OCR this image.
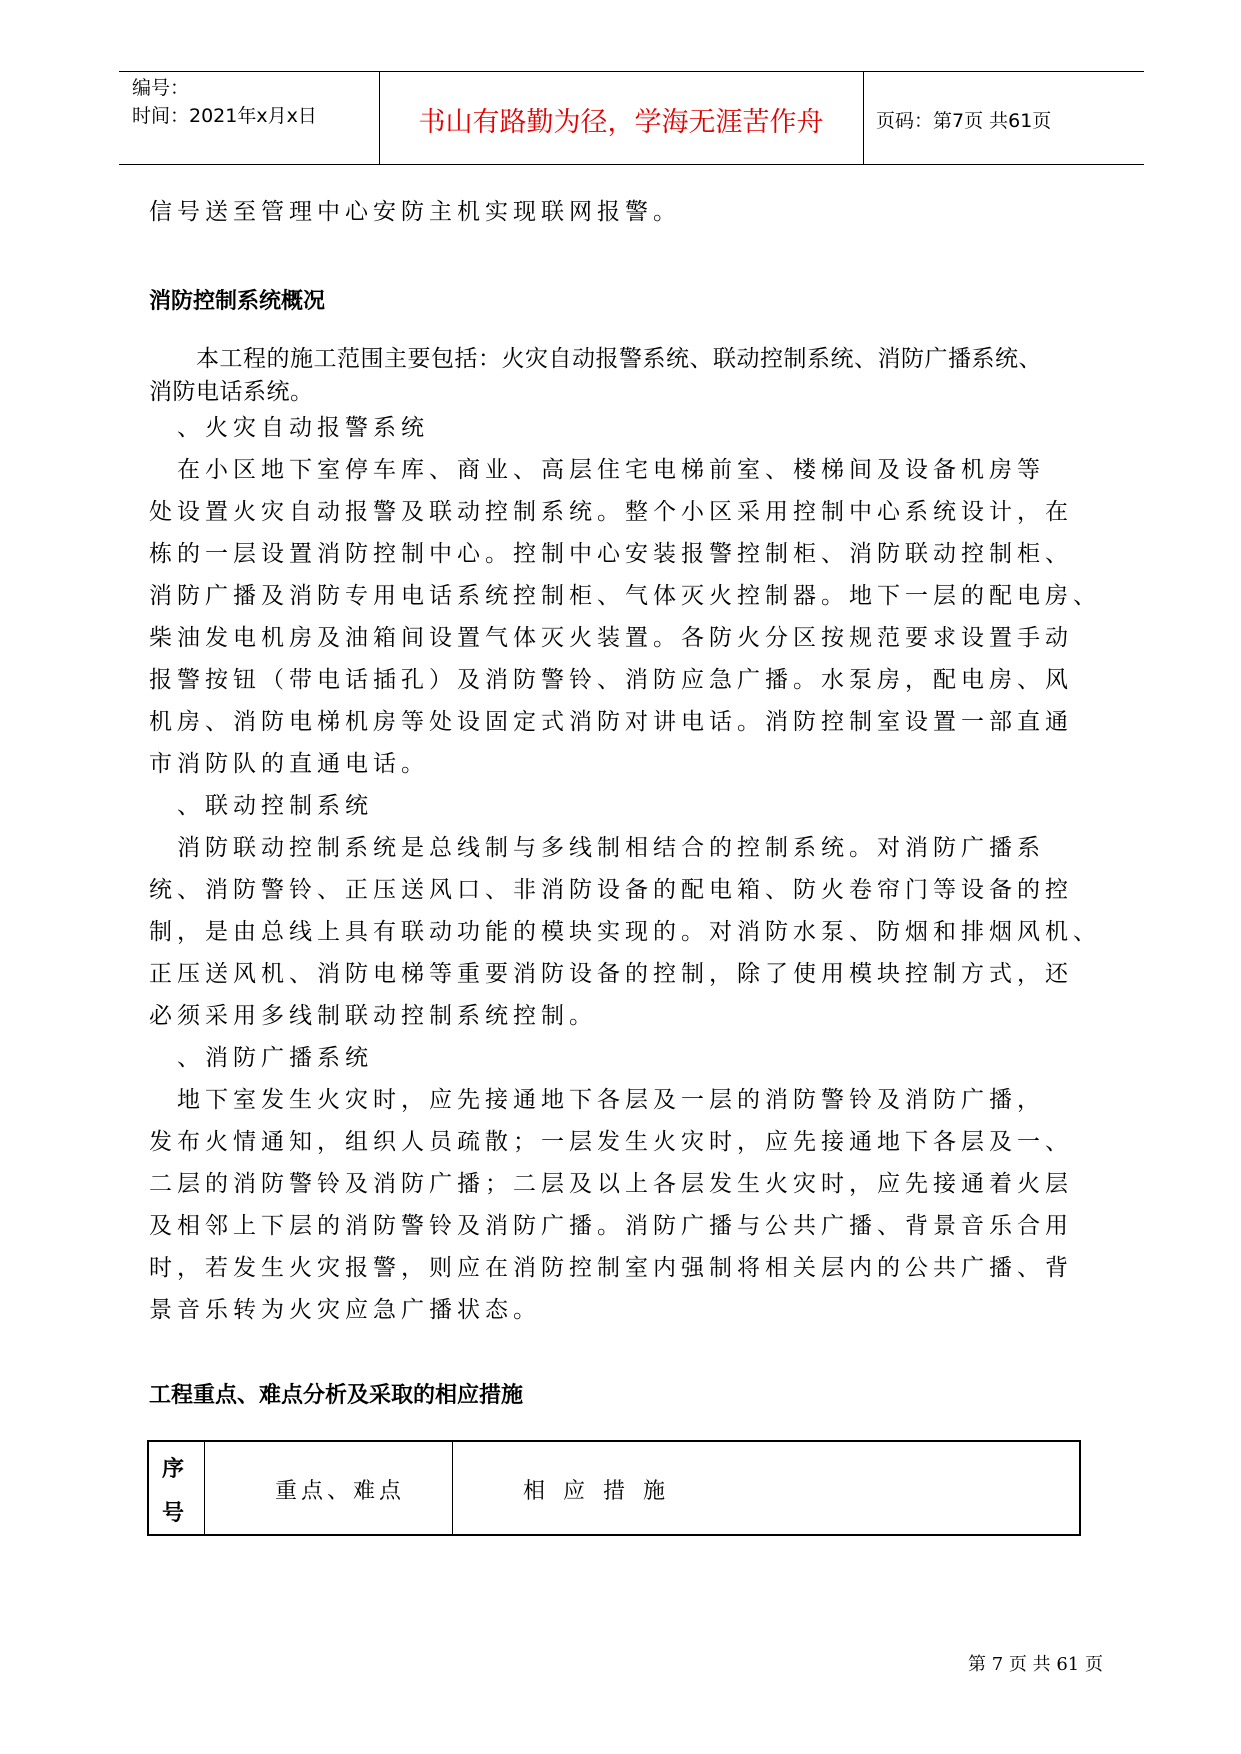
编号：
时间：2021年x月x日	书山有路勤为径，学海无涯苦作舟	页码：第7页 共61页
信号送至管理中心安防主机实现联网报警。
消防控制系统概况
　　本工程的施工范围主要包括：火灾自动报警系统、联动控制系统、消防广播系统、
消防电话系统。
　、火灾自动报警系统
　在小区地下室停车库、商业、高层住宅电梯前室、楼梯间及设备机房等
处设置火灾自动报警及联动控制系统。整个小区采用控制中心系统设计，在
栋的一层设置消防控制中心。控制中心安装报警控制柜、消防联动控制柜、
消防广播及消防专用电话系统控制柜、气体灭火控制器。地下一层的配电房、
柴油发电机房及油箱间设置气体灭火装置。各防火分区按规范要求设置手动
报警按钮（带电话插孔）及消防警铃、消防应急广播。水泵房，配电房、风
机房、消防电梯机房等处设固定式消防对讲电话。消防控制室设置一部直通
市消防队的直通电话。
　、联动控制系统
　消防联动控制系统是总线制与多线制相结合的控制系统。对消防广播系
统、消防警铃、正压送风口、非消防设备的配电箱、防火卷帘门等设备的控
制，是由总线上具有联动功能的模块实现的。对消防水泵、防烟和排烟风机、
正压送风机、消防电梯等重要消防设备的控制，除了使用模块控制方式，还
必须采用多线制联动控制系统控制。
　、消防广播系统
　地下室发生火灾时，应先接通地下各层及一层的消防警铃及消防广播，
发布火情通知，组织人员疏散；一层发生火灾时，应先接通地下各层及一、
二层的消防警铃及消防广播；二层及以上各层发生火灾时，应先接通着火层
及相邻上下层的消防警铃及消防广播。消防广播与公共广播、背景音乐合用
时，若发生火灾报警，则应在消防控制室内强制将相关层内的公共广播、背
景音乐转为火灾应急广播状态。
工程重点、难点分析及采取的相应措施
序
号
重点、难点	相应措施
第 7 页 共 61 页
